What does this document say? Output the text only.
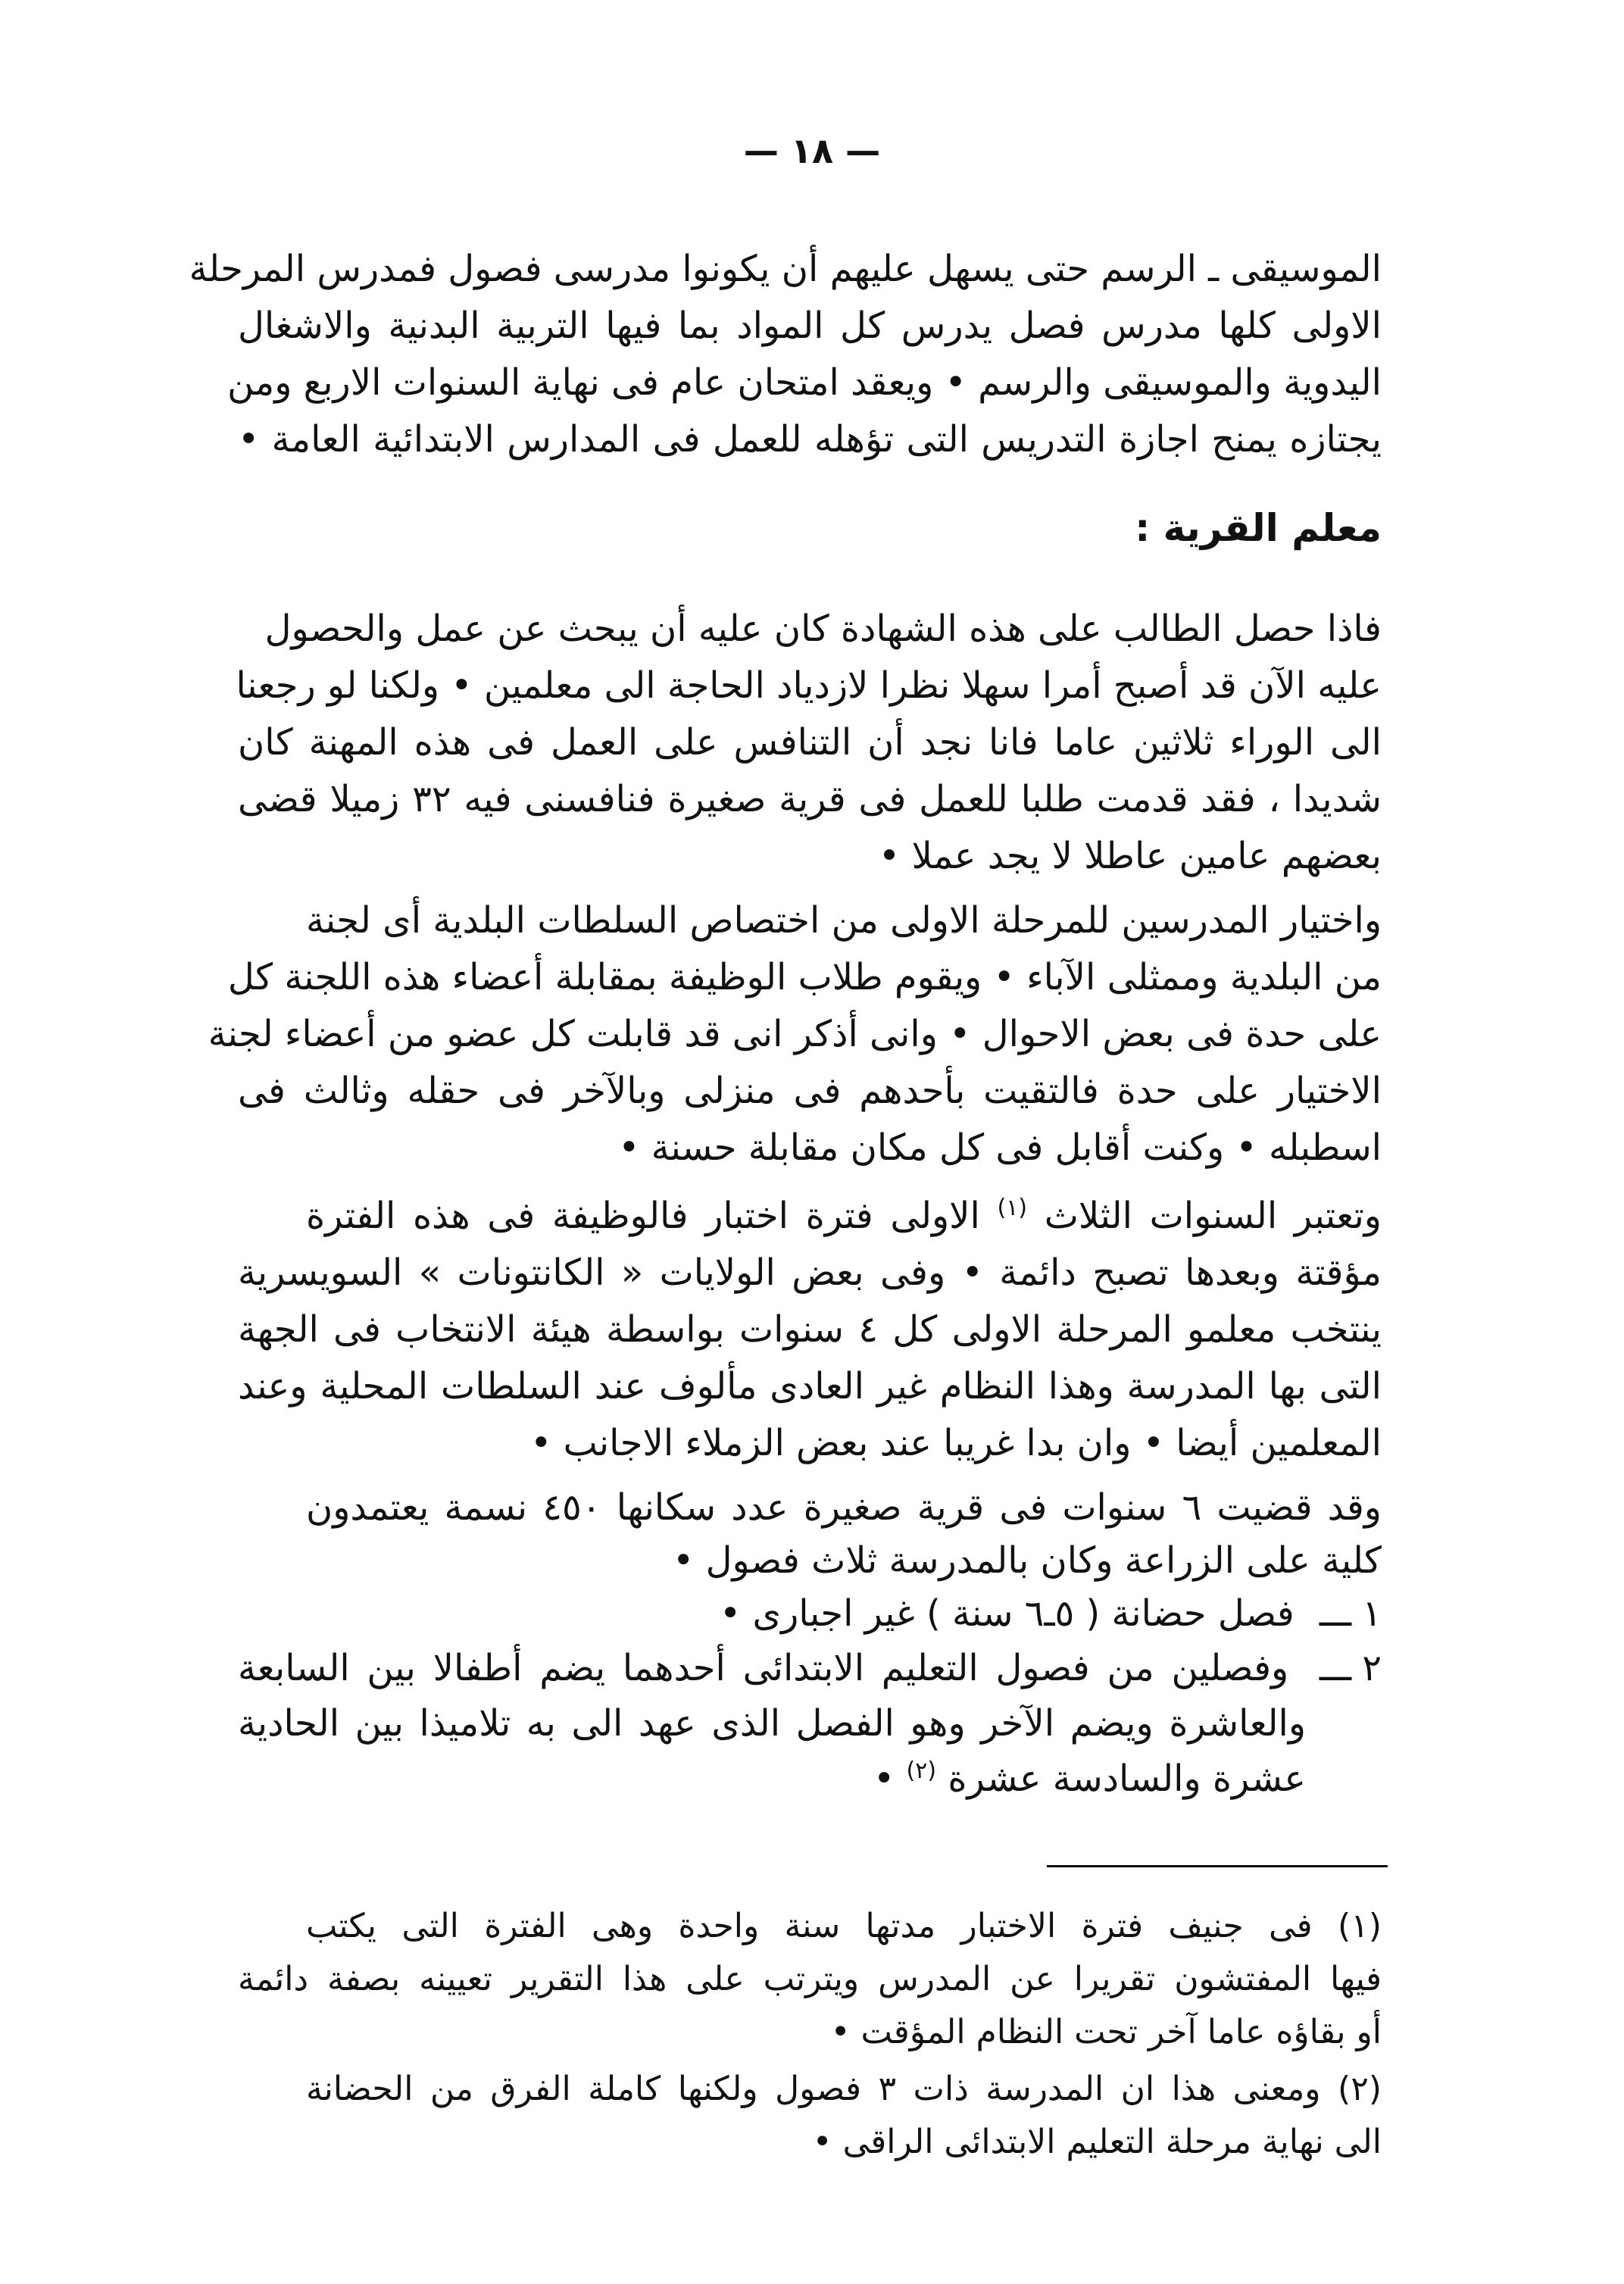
— ١٨ —
الموسيقى ـ الرسم حتى يسهل عليهم أن يكونوا مدرسى فصول فمدرس المرحلة
الاولى كلها مدرس فصل يدرس كل المواد بما فيها التربية البدنية والاشغال
اليدوية والموسيقى والرسم • ويعقد امتحان عام فى نهاية السنوات الاربع ومن
يجتازه يمنح اجازة التدريس التى تؤهله للعمل فى المدارس الابتدائية العامة •
معلم القرية :
فاذا حصل الطالب على هذه الشهادة كان عليه أن يبحث عن عمل والحصول
عليه الآن قد أصبح أمرا سهلا نظرا لازدياد الحاجة الى معلمين • ولكنا لو رجعنا
الى الوراء ثلاثين عاما فانا نجد أن التنافس على العمل فى هذه المهنة كان
شديدا ، فقد قدمت طلبا للعمل فى قرية صغيرة فنافسنى فيه ٣٢ زميلا قضى
بعضهم عامين عاطلا لا يجد عملا •
واختيار المدرسين للمرحلة الاولى من اختصاص السلطات البلدية أى لجنة
من البلدية وممثلى الآباء • ويقوم طلاب الوظيفة بمقابلة أعضاء هذه اللجنة كل
على حدة فى بعض الاحوال • وانى أذكر انى قد قابلت كل عضو من أعضاء لجنة
الاختيار على حدة فالتقيت بأحدهم فى منزلى وبالآخر فى حقله وثالث فى
اسطبله • وكنت أقابل فى كل مكان مقابلة حسنة •
وتعتبر السنوات الثلاث $^{(١)}$ الاولى فترة اختبار فالوظيفة فى هذه الفترة
مؤقتة وبعدها تصبح دائمة • وفى بعض الولايات « الكانتونات » السويسرية
ينتخب معلمو المرحلة الاولى كل ٤ سنوات بواسطة هيئة الانتخاب فى الجهة
التى بها المدرسة وهذا النظام غير العادى مألوف عند السلطات المحلية وعند
المعلمين أيضا • وان بدا غريبا عند بعض الزملاء الاجانب •
وقد قضيت ٦ سنوات فى قرية صغيرة عدد سكانها ٤٥٠ نسمة يعتمدون
كلية على الزراعة وكان بالمدرسة ثلاث فصول •
١ـــ فصل حضانة ( ٥ـ٦ سنة ) غير اجبارى •
٢ـــ وفصلين من فصول التعليم الابتدائى أحدهما يضم أطفالا بين السابعة
والعاشرة ويضم الآخر وهو الفصل الذى عهد الى به تلاميذا بين الحادية
عشرة والسادسة عشرة $^{(٢)}$ •
(١) فى جنيف فترة الاختبار مدتها سنة واحدة وهى الفترة التى يكتب
فيها المفتشون تقريرا عن المدرس ويترتب على هذا التقرير تعيينه بصفة دائمة
أو بقاؤه عاما آخر تحت النظام المؤقت •
(٢) ومعنى هذا ان المدرسة ذات ٣ فصول ولكنها كاملة الفرق من الحضانة
الى نهاية مرحلة التعليم الابتدائى الراقى •
